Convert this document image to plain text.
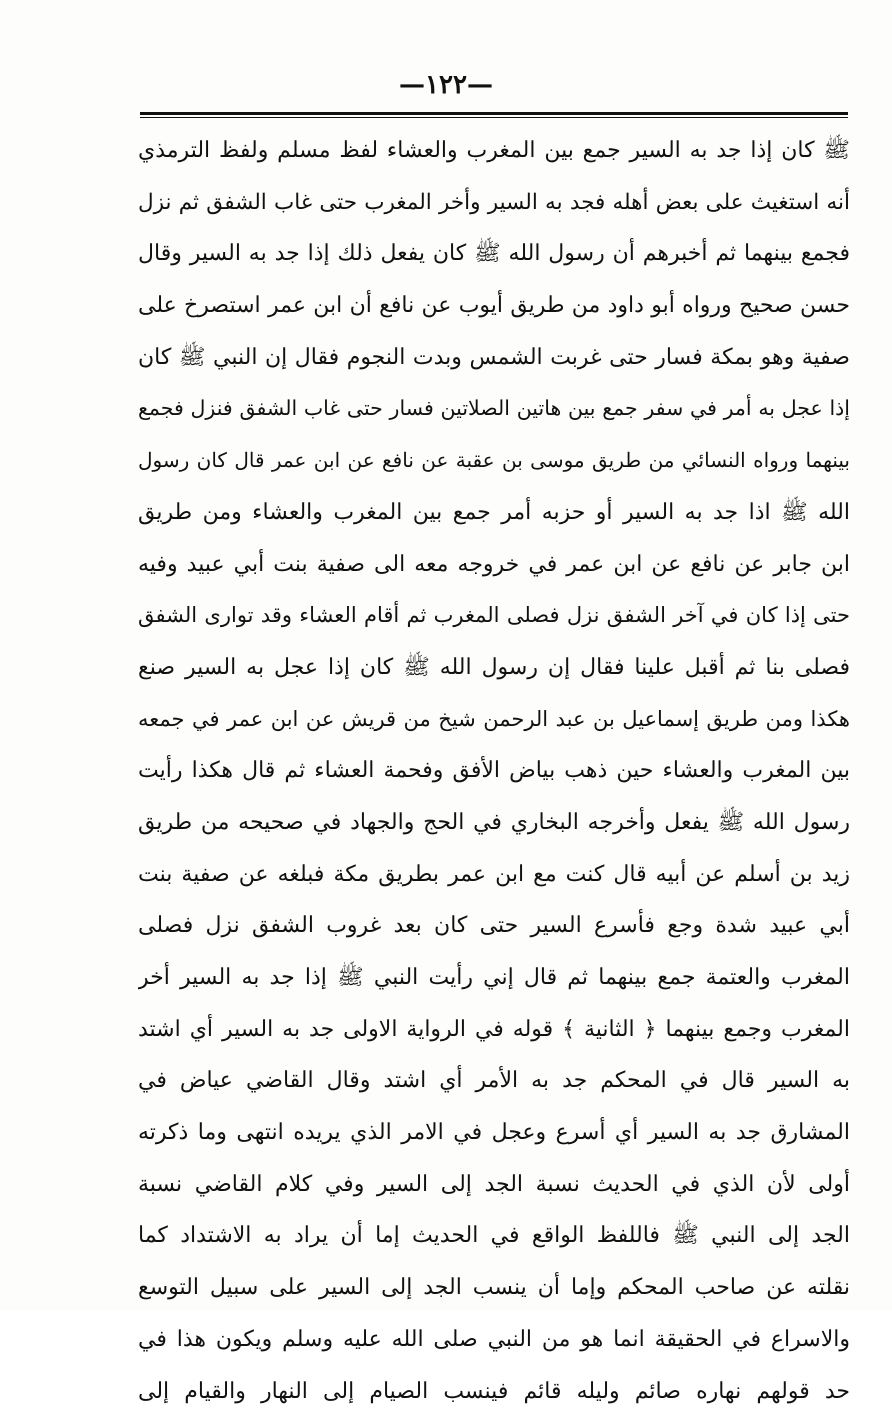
—١٢٢—
ﷺ كان إذا جد به السير جمع بين المغرب والعشاء لفظ مسلم ولفظ الترمذي
أنه استغيث على بعض أهله فجد به السير وأخر المغرب حتى غاب الشفق ثم نزل
فجمع بينهما ثم أخبرهم أن رسول الله ﷺ كان يفعل ذلك إذا جد به السير وقال
حسن صحيح ورواه أبو داود من طريق أيوب عن نافع أن ابن عمر استصرخ على
صفية وهو بمكة فسار حتى غربت الشمس وبدت النجوم فقال إن النبي ﷺ كان
إذا عجل به أمر في سفر جمع بين هاتين الصلاتين فسار حتى غاب الشفق فنزل فجمع
بينهما ورواه النسائي من طريق موسى بن عقبة عن نافع عن ابن عمر قال كان رسول
الله ﷺ اذا جد به السير أو حزبه أمر جمع بين المغرب والعشاء ومن طريق
ابن جابر عن نافع عن ابن عمر في خروجه معه الى صفية بنت أبي عبيد وفيه
حتى إذا كان في آخر الشفق نزل فصلى المغرب ثم أقام العشاء وقد توارى الشفق
فصلى بنا ثم أقبل علينا فقال إن رسول الله ﷺ كان إذا عجل به السير صنع
هكذا ومن طريق إسماعيل بن عبد الرحمن شيخ من قريش عن ابن عمر في جمعه
بين المغرب والعشاء حين ذهب بياض الأفق وفحمة العشاء ثم قال هكذا رأيت
رسول الله ﷺ يفعل وأخرجه البخاري في الحج والجهاد في صحيحه من طريق
زيد بن أسلم عن أبيه قال كنت مع ابن عمر بطريق مكة فبلغه عن صفية بنت
أبي عبيد شدة وجع فأسرع السير حتى كان بعد غروب الشفق نزل فصلى
المغرب والعتمة جمع بينهما ثم قال إني رأيت النبي ﷺ إذا جد به السير أخر
المغرب وجمع بينهما ﴿ الثانية ﴾ قوله في الرواية الاولى جد به السير أي اشتد
به السير قال في المحكم جد به الأمر أي اشتد وقال القاضي عياض في
المشارق جد به السير أي أسرع وعجل في الامر الذي يريده انتهى وما ذكرته
أولى لأن الذي في الحديث نسبة الجد إلى السير وفي كلام القاضي نسبة
الجد إلى النبي ﷺ فاللفظ الواقع في الحديث إما أن يراد به الاشتداد كما
نقلته عن صاحب المحكم وإما أن ينسب الجد إلى السير على سبيل التوسع
والاسراع في الحقيقة انما هو من النبي صلى الله عليه وسلم ويكون هذا في
حد قولهم نهاره صائم وليله قائم فينسب الصيام إلى النهار والقيام إلى
